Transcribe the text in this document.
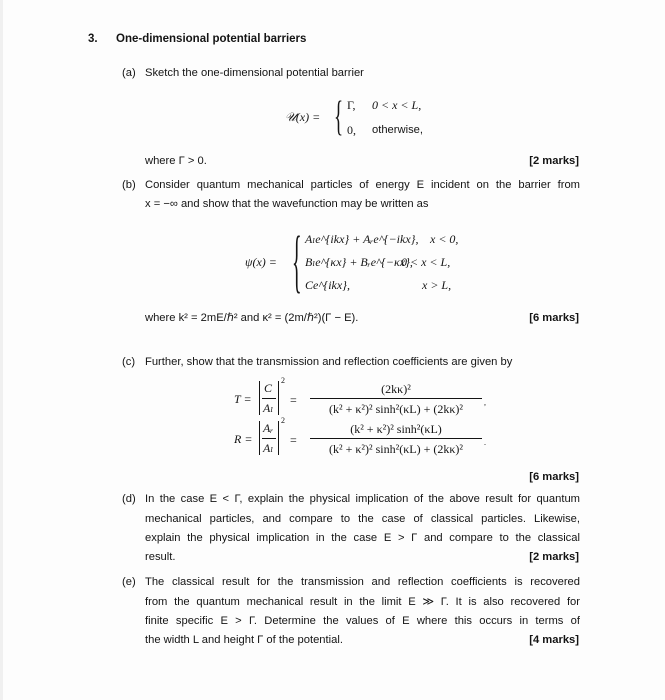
3. One-dimensional potential barriers
(a) Sketch the one-dimensional potential barrier
𝒰(x) = { Γ, 0 < x < L,
0, otherwise,
where Γ > 0.	[2 marks]
(b) Consider quantum mechanical particles of energy E incident on the barrier from
x = −∞ and show that the wavefunction may be written as
ψ(x) = { Aₗe^{ikx} + Aᵣe^{−ikx}, x < 0,
Bₗe^{κx} + Bᵣe^{−κx},
0 < x < L,
Ce^{ikx},	x > L,
where k² = 2mE/ℏ² and κ² = (2m/ℏ²)(Γ − E).	[6 marks]
(c) Further, show that the transmission and reflection coefficients are given by
T =
C
Aₗ
2
=
(2kκ)²
(k² + κ²)² sinh²(κL) + (2kκ)²	,
R =
Aᵣ
Aₗ
2
=
(k² + κ²)² sinh²(κL)
(k² + κ²)² sinh²(κL) + (2kκ)²	.
[6 marks]
(d) In the case E < Γ, explain the physical implication of the above result for quantum
mechanical particles, and compare to the case of classical particles. Likewise,
explain the physical implication in the case E > Γ and compare to the classical
result.	[2 marks]
(e) The classical result for the transmission and reflection coefficients is recovered
from the quantum mechanical result in the limit E ≫ Γ. It is also recovered for
finite specific E > Γ. Determine the values of E where this occurs in terms of
the width L and height Γ of the potential.	[4 marks]
